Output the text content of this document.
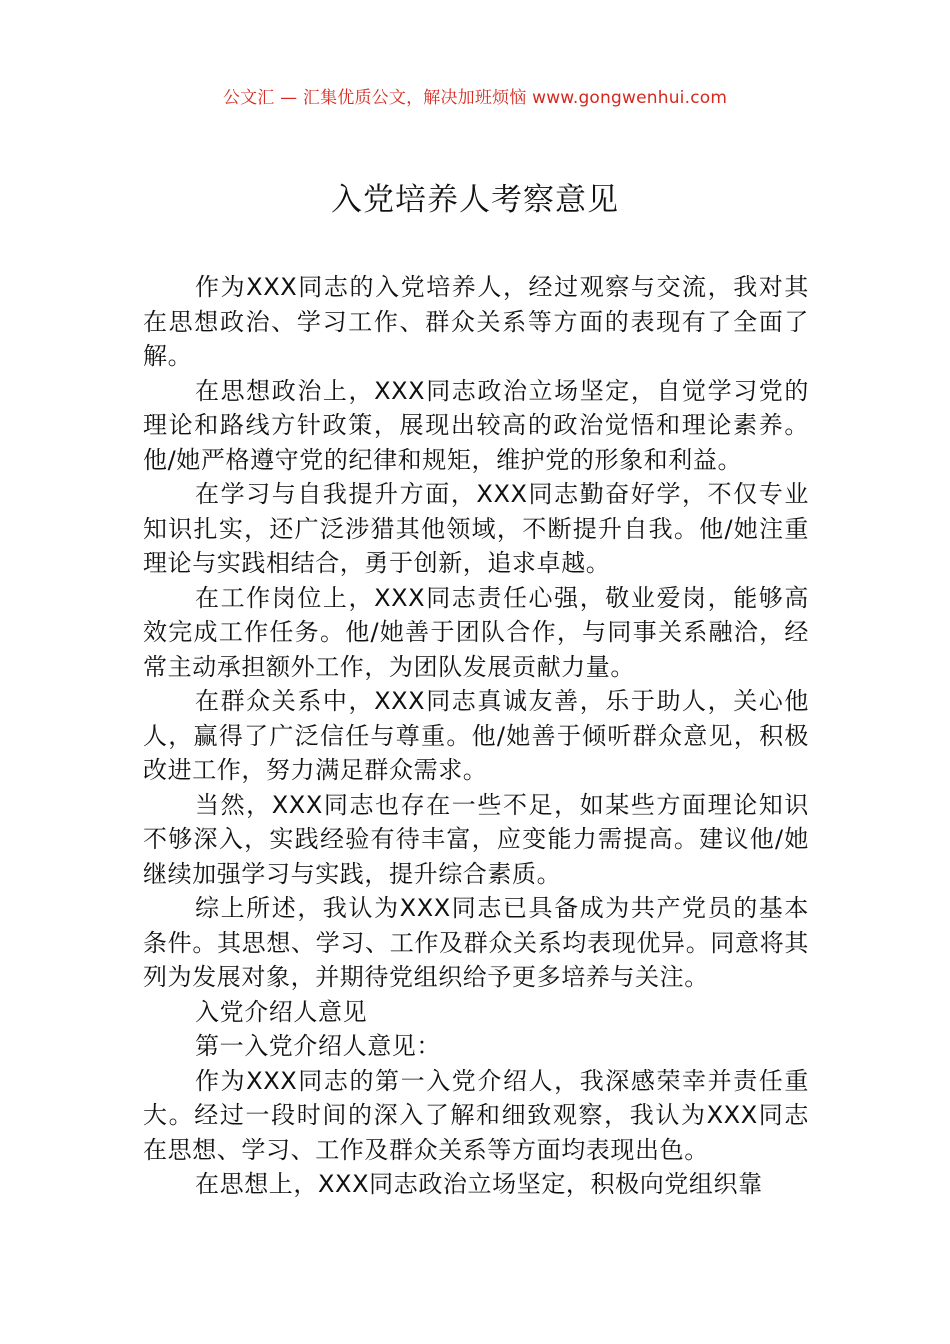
公文汇 — 汇集优质公文，解决加班烦恼 www.gongwenhui.com
入党培养人考察意见

作为XXX同志的入党培养人，经过观察与交流，我对其在思想政治、学习工作、群众关系等方面的表现有了全面了解。

在思想政治上，XXX同志政治立场坚定，自觉学习党的理论和路线方针政策，展现出较高的政治觉悟和理论素养。他/她严格遵守党的纪律和规矩，维护党的形象和利益。

在学习与自我提升方面，XXX同志勤奋好学，不仅专业知识扎实，还广泛涉猎其他领域，不断提升自我。他/她注重理论与实践相结合，勇于创新，追求卓越。

在工作岗位上，XXX同志责任心强，敬业爱岗，能够高效完成工作任务。他/她善于团队合作，与同事关系融洽，经常主动承担额外工作，为团队发展贡献力量。

在群众关系中，XXX同志真诚友善，乐于助人，关心他人，赢得了广泛信任与尊重。他/她善于倾听群众意见，积极改进工作，努力满足群众需求。

当然，XXX同志也存在一些不足，如某些方面理论知识不够深入，实践经验有待丰富，应变能力需提高。建议他/她继续加强学习与实践，提升综合素质。

综上所述，我认为XXX同志已具备成为共产党员的基本条件。其思想、学习、工作及群众关系均表现优异。同意将其列为发展对象，并期待党组织给予更多培养与关注。

入党介绍人意见

第一入党介绍人意见：

作为XXX同志的第一入党介绍人，我深感荣幸并责任重大。经过一段时间的深入了解和细致观察，我认为XXX同志在思想、学习、工作及群众关系等方面均表现出色。

在思想上，XXX同志政治立场坚定，积极向党组织靠
